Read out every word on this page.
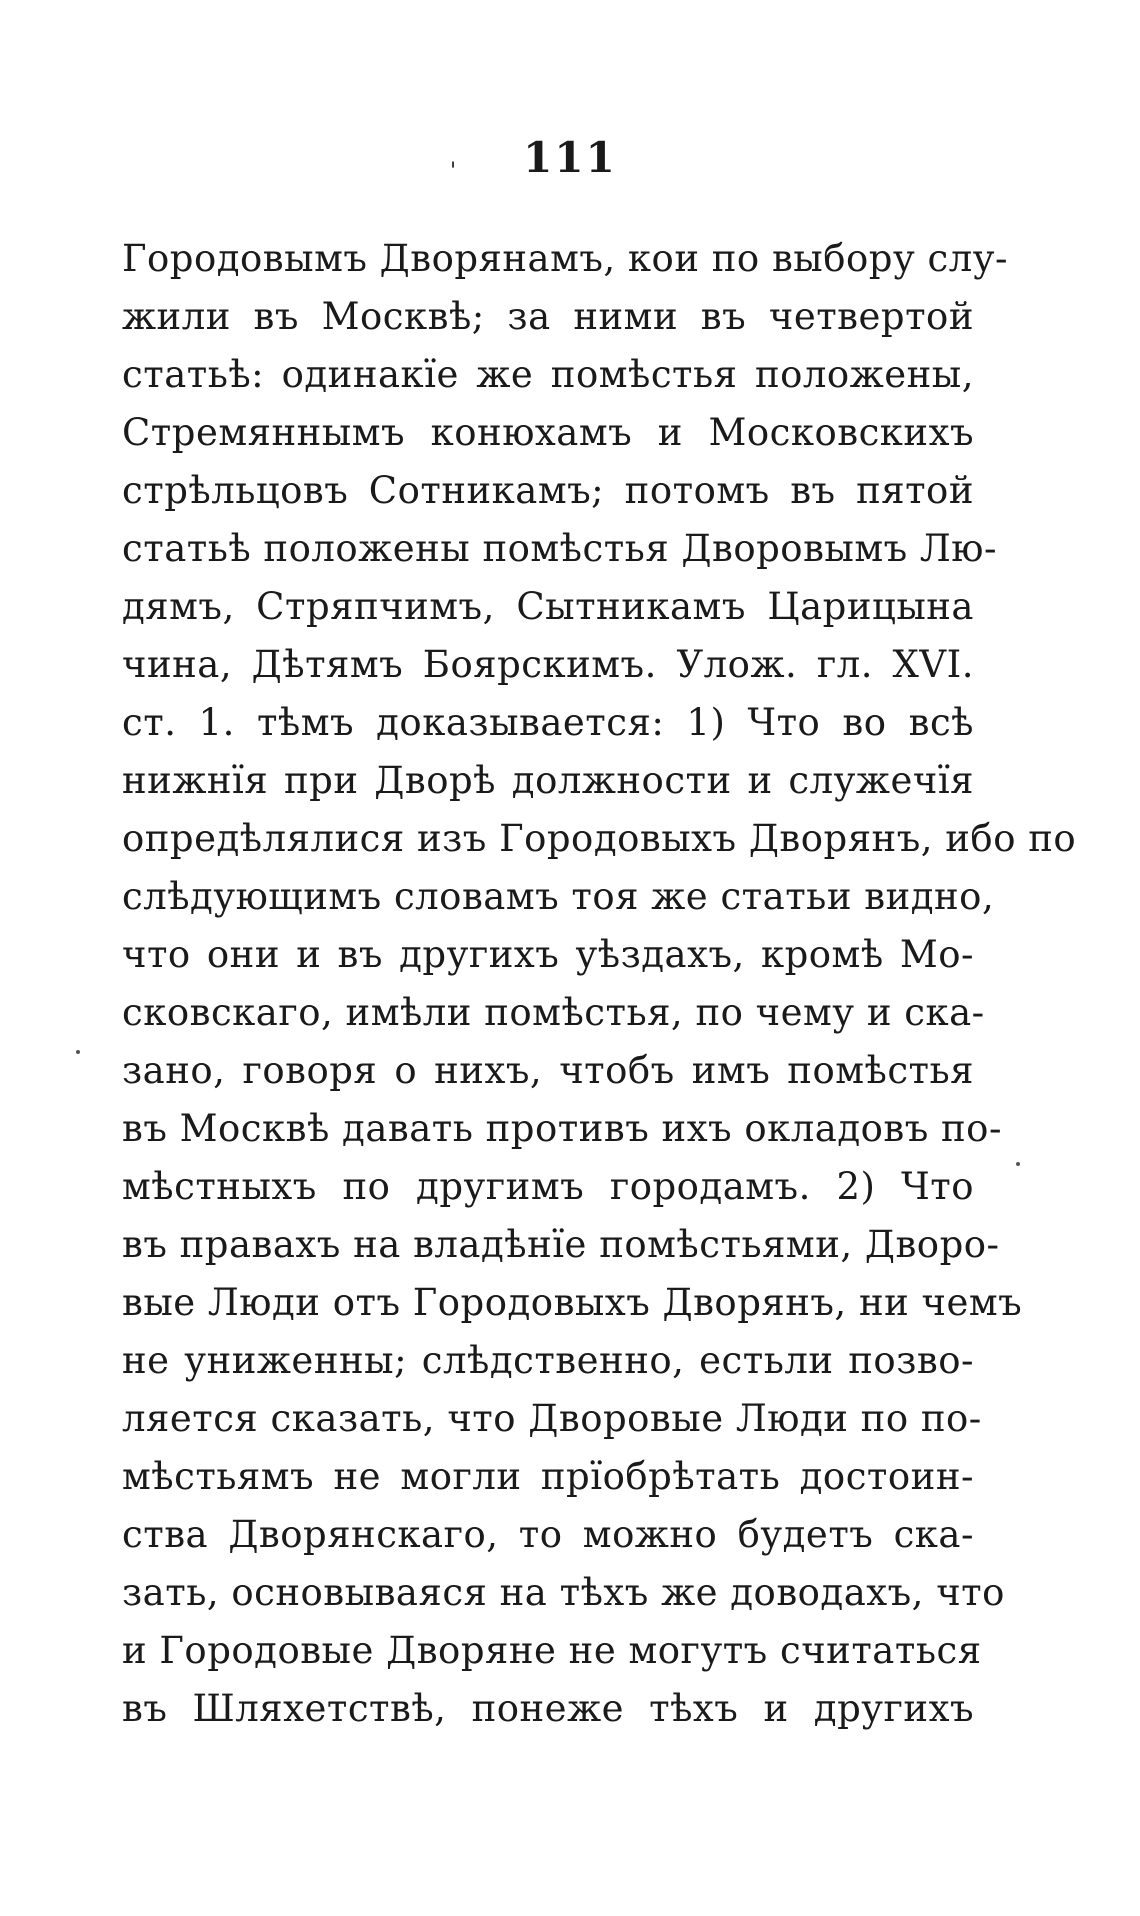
' 111
Городовымъ Дворянамъ, кои по выбору слу-
жили въ Москвѣ; за ними въ четвертой
статьѣ: одинакїе же помѣстья положены,
Стремяннымъ конюхамъ и Московскихъ
стрѣльцовъ Сотникамъ; потомъ въ пятой
статьѣ положены помѣстья Дворовымъ Лю-
дямъ, Стряпчимъ, Сытникамъ Царицына
чина, Дѣтямъ Боярскимъ. Улож. гл. XVI.
ст. 1. тѣмъ доказывается: 1) Что во всѣ
нижнїя при Дворѣ должности и служечїя
опредѣлялися изъ Городовыхъ Дворянъ, ибо по
слѣдующимъ словамъ тоя же статьи видно,
что они и въ другихъ уѣздахъ, кромѣ Мо-
сковскаго, имѣли помѣстья, по чему и ска-
зано, говоря о нихъ, чтобъ имъ помѣстья
въ Москвѣ давать противъ ихъ окладовъ по-
мѣстныхъ по другимъ городамъ. 2) Что
въ правахъ на владѣнїе помѣстьями, Дворо-
вые Люди отъ Городовыхъ Дворянъ, ни чемъ
не униженны; слѣдственно, естьли позво-
ляется сказать, что Дворовые Люди по по-
мѣстьямъ не могли прїобрѣтать достоин-
ства Дворянскаго, то можно будетъ ска-
зать, основываяся на тѣхъ же доводахъ, что
и Городовые Дворяне не могутъ считаться
въ Шляхетствѣ, понеже тѣхъ и другихъ
